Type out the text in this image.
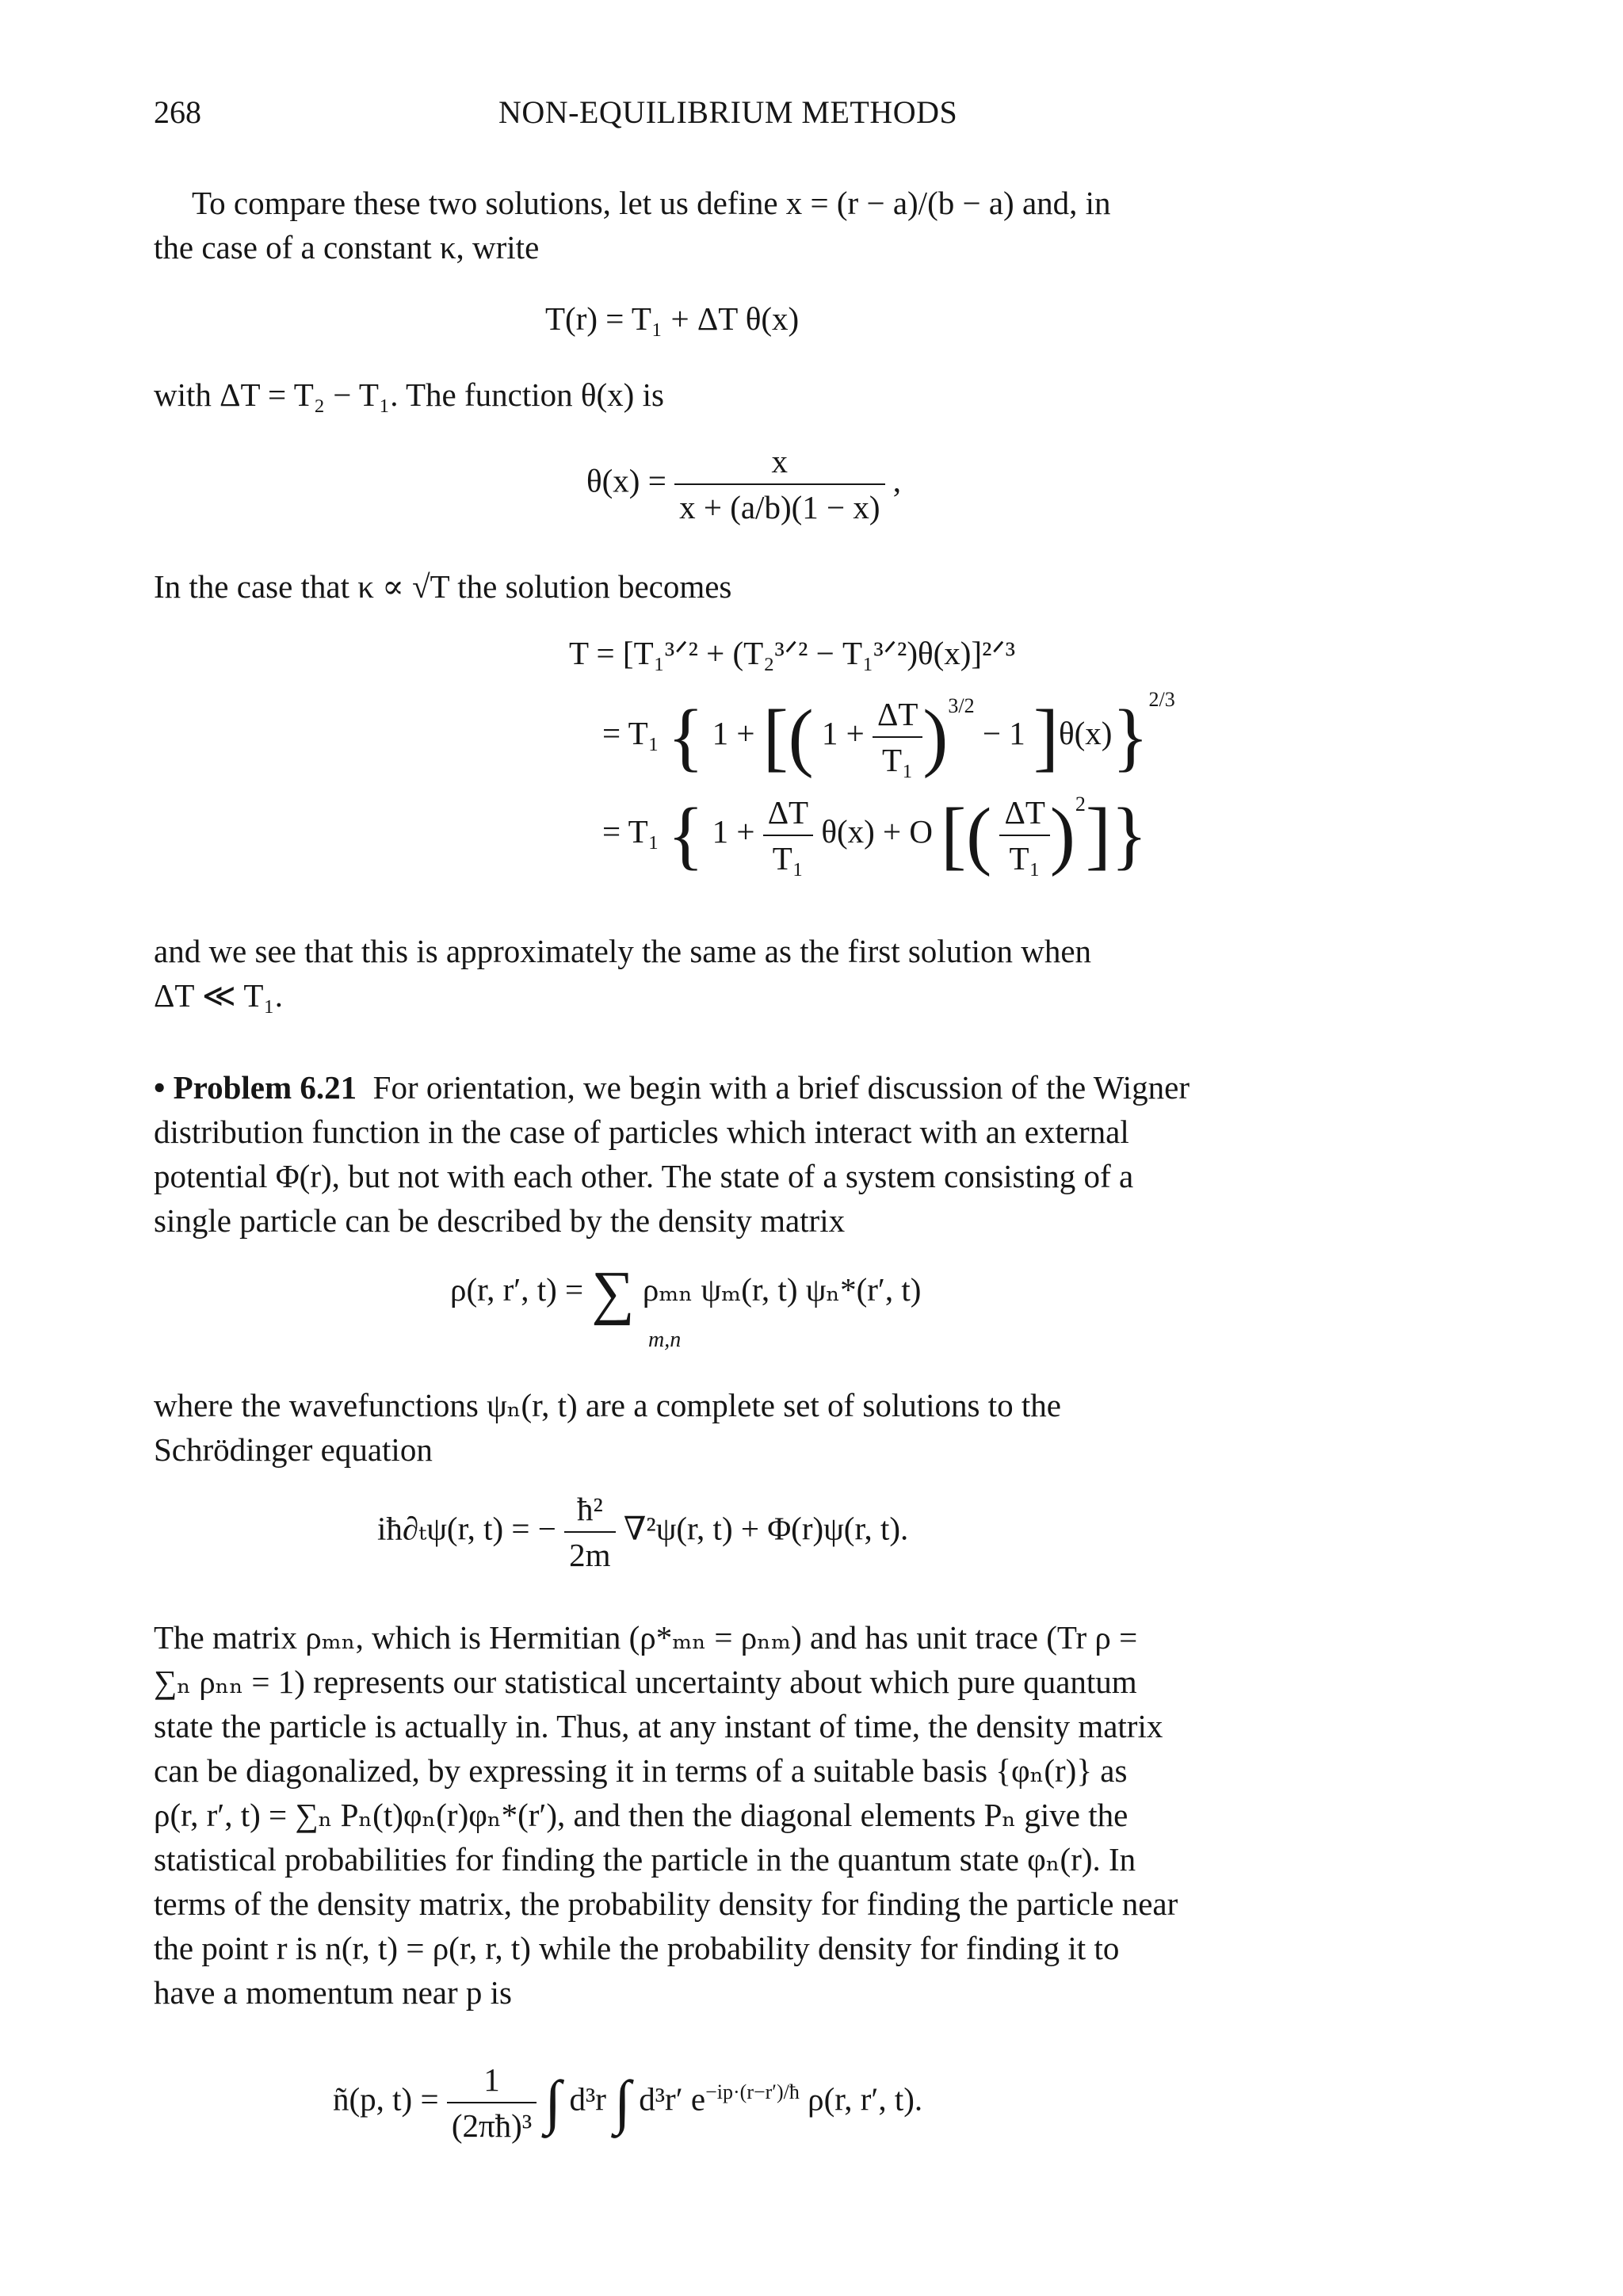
268	NON-EQUILIBRIUM METHODS
To compare these two solutions, let us define x = (r − a)/(b − a) and, in
the case of a constant κ, write
T(r) = T₁ + ΔT θ(x)
with ΔT = T₂ − T₁. The function θ(x) is
$\theta(x) = \frac{x}{x + (a/b)(1 - x)}$ ,
In the case that κ ∝ √T the solution becomes
T = [T₁³ᐟ² + (T₂³ᐟ² − T₁³ᐟ²)θ(x)]²ᐟ³
= T₁ { 1 + [( $1 + \frac{\Delta T}{\text{T₁}} )^{3/2} - 1$ ]θ(x)}$^{2/3}$
= T₁ { $1 + \frac{\Delta T}{\text{T₁}} \theta(x) + O$ [( $\frac{\Delta T}{\text{T₁}} )^2$]}
and we see that this is approximately the same as the first solution when
ΔT ≪ T₁.
• Problem 6.21 For orientation, we begin with a brief discussion of the Wigner
distribution function in the case of particles which interact with an external
potential Φ(r), but not with each other. The state of a system consisting of a
single particle can be described by the density matrix
ρ(r, r′, t) = ∑ ρₘₙ ψₘ(r, t) ψₙ*(r′, t)
m,n
where the wavefunctions ψₙ(r, t) are a complete set of solutions to the
Schrödinger equation
iħ∂ₜψ(r, t) = − $\frac{\text{ħ²}}{2m} \nabla^2\psi(r$, t) + Φ(r)ψ(r, t).
The matrix ρₘₙ, which is Hermitian (ρ*ₘₙ = ρₙₘ) and has unit trace (Tr ρ =
∑ₙ ρₙₙ = 1) represents our statistical uncertainty about which pure quantum
state the particle is actually in. Thus, at any instant of time, the density matrix
can be diagonalized, by expressing it in terms of a suitable basis {φₙ(r)} as
ρ(r, r′, t) = ∑ₙ Pₙ(t)φₙ(r)φₙ*(r′), and then the diagonal elements Pₙ give the
statistical probabilities for finding the particle in the quantum state φₙ(r). In
terms of the density matrix, the probability density for finding the particle near
the point r is n(r, t) = ρ(r, r, t) while the probability density for finding it to
have a momentum near p is
ñ(p, $t) = \frac{1}{\text{(2πħ)³}}$ ∫ d³r ∫ d³r′ $e^{-ip\cdot(r-r')/ħ}$ ρ(r, r′, t).
